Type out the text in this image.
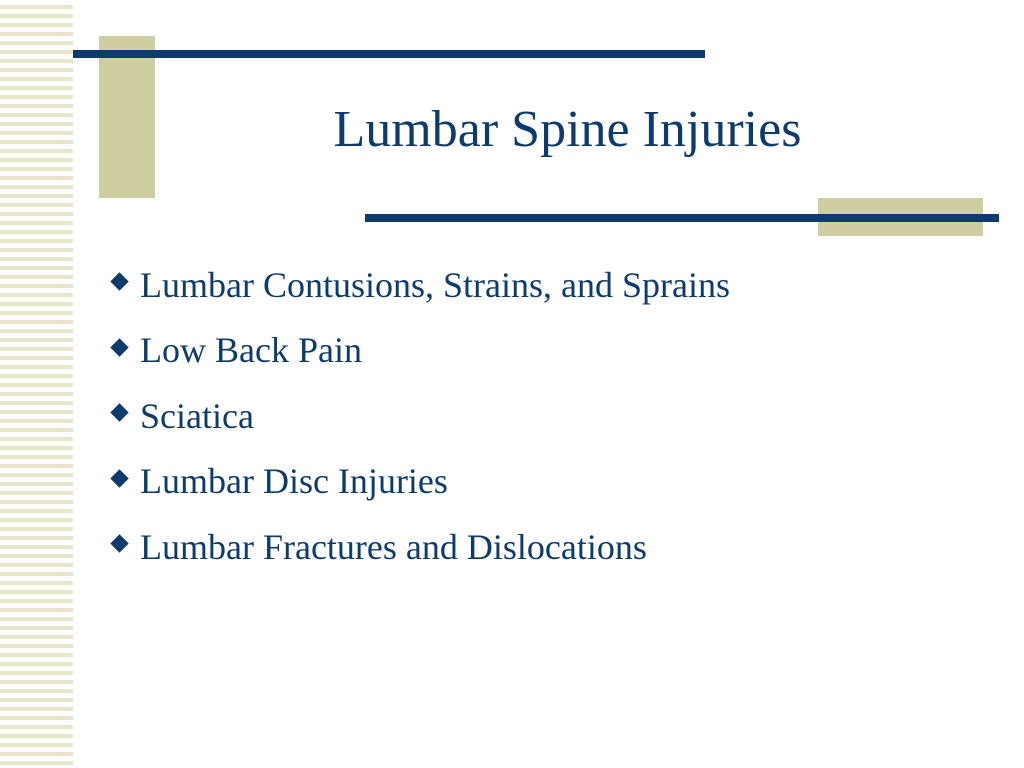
Lumbar Spine Injuries
Lumbar Contusions, Strains, and Sprains
Low Back Pain
Sciatica
Lumbar Disc Injuries
Lumbar Fractures and Dislocations
